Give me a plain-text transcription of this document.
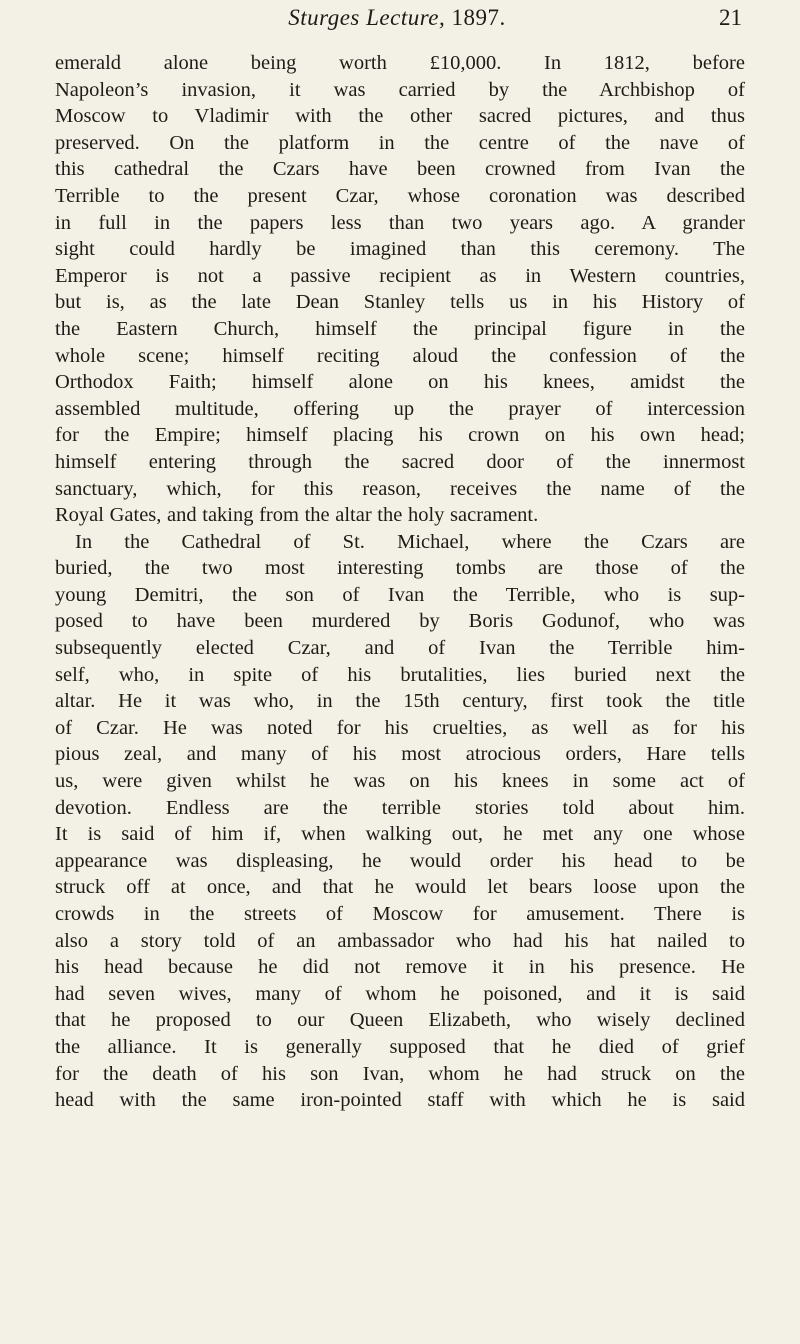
Sturges Lecture, 1897.	21
emerald alone being worth £10,000. In 1812, before
Napoleon’s invasion, it was carried by the Archbishop of
Moscow to Vladimir with the other sacred pictures, and thus
preserved. On the platform in the centre of the nave of
this cathedral the Czars have been crowned from Ivan the
Terrible to the present Czar, whose coronation was described
in full in the papers less than two years ago. A grander
sight could hardly be imagined than this ceremony. The
Emperor is not a passive recipient as in Western countries,
but is, as the late Dean Stanley tells us in his History of
the Eastern Church, himself the principal figure in the
whole scene; himself reciting aloud the confession of the
Orthodox Faith; himself alone on his knees, amidst the
assembled multitude, offering up the prayer of intercession
for the Empire; himself placing his crown on his own head;
himself entering through the sacred door of the innermost
sanctuary, which, for this reason, receives the name of the
Royal Gates, and taking from the altar the holy sacrament.
In the Cathedral of St. Michael, where the Czars are
buried, the two most interesting tombs are those of the
young Demitri, the son of Ivan the Terrible, who is sup-
posed to have been murdered by Boris Godunof, who was
subsequently elected Czar, and of Ivan the Terrible him-
self, who, in spite of his brutalities, lies buried next the
altar. He it was who, in the 15th century, first took the title
of Czar. He was noted for his cruelties, as well as for his
pious zeal, and many of his most atrocious orders, Hare tells
us, were given whilst he was on his knees in some act of
devotion. Endless are the terrible stories told about him.
It is said of him if, when walking out, he met any one whose
appearance was displeasing, he would order his head to be
struck off at once, and that he would let bears loose upon the
crowds in the streets of Moscow for amusement. There is
also a story told of an ambassador who had his hat nailed to
his head because he did not remove it in his presence. He
had seven wives, many of whom he poisoned, and it is said
that he proposed to our Queen Elizabeth, who wisely declined
the alliance. It is generally supposed that he died of grief
for the death of his son Ivan, whom he had struck on the
head with the same iron-pointed staff with which he is said
